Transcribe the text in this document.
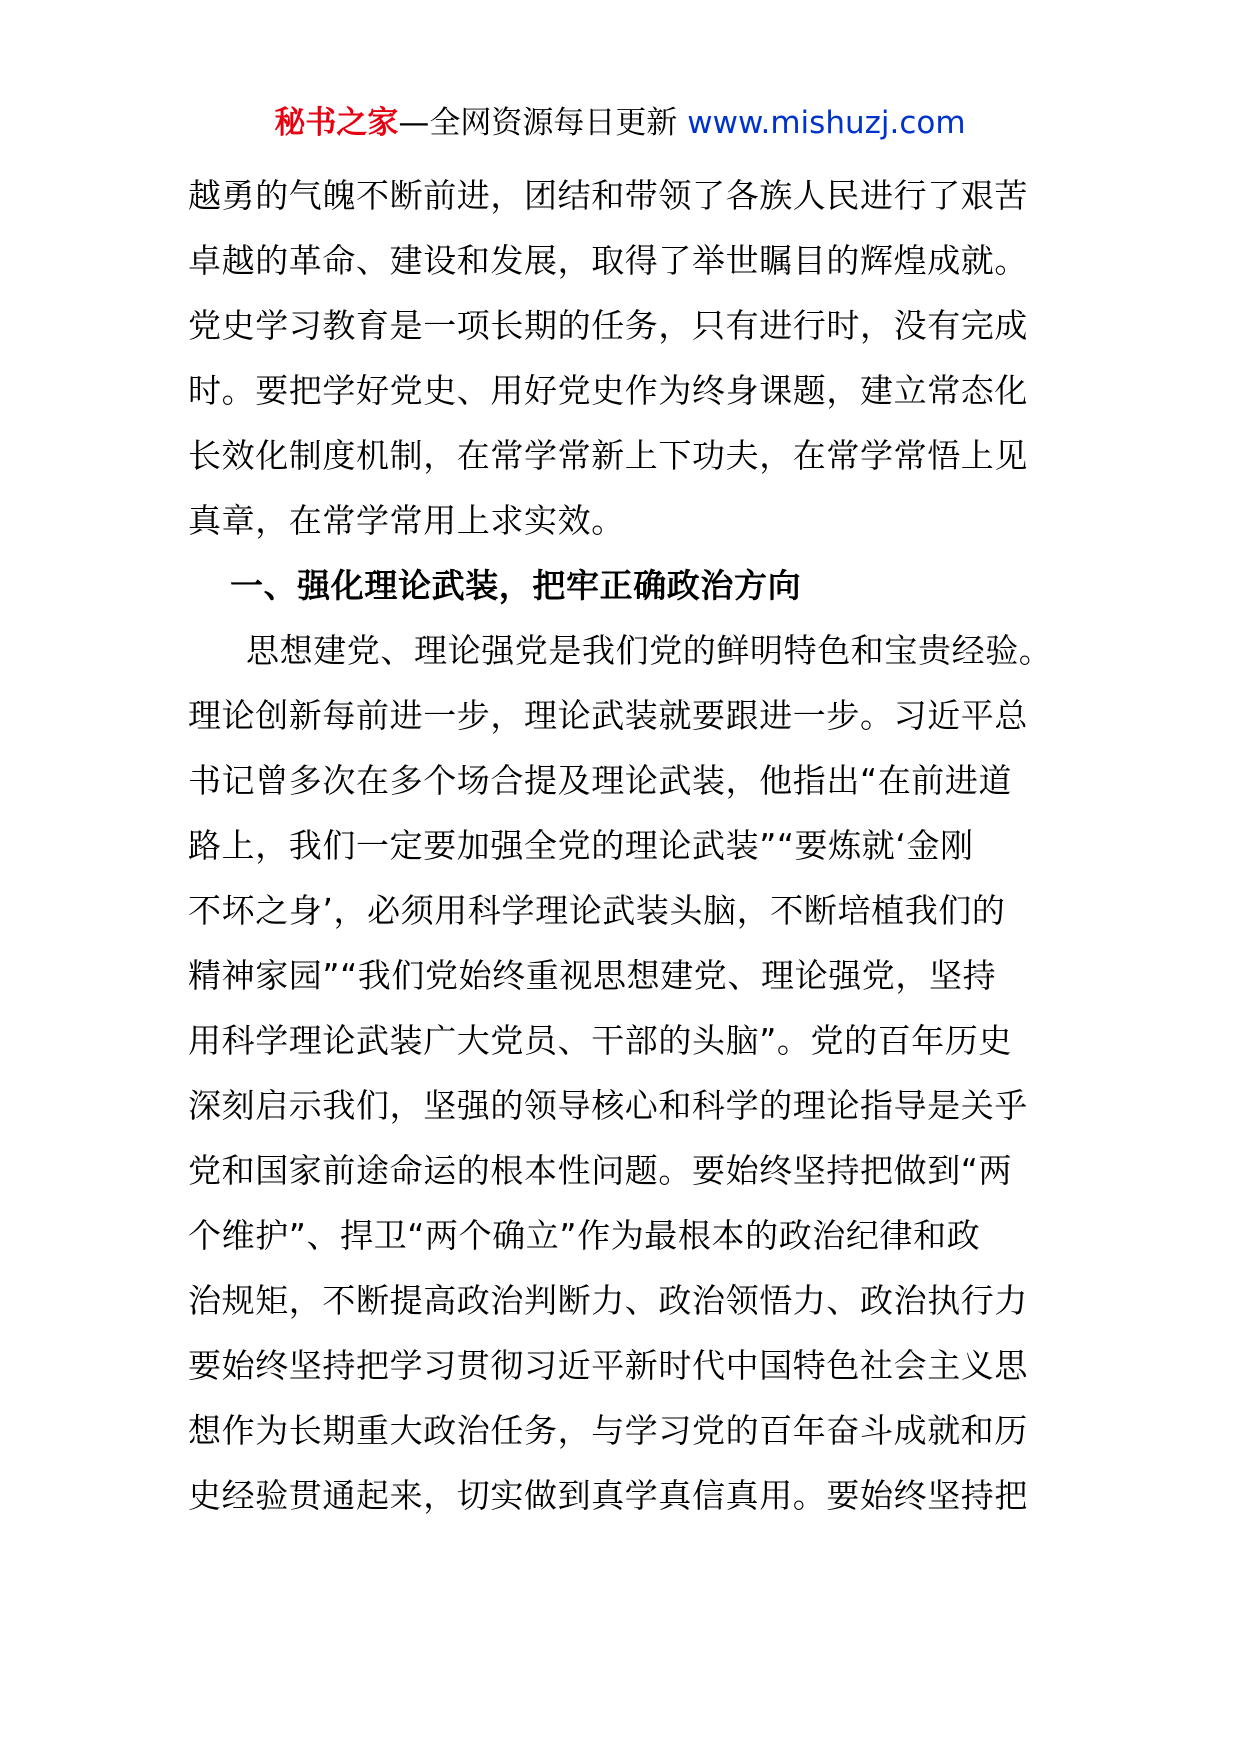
秘书之家—全网资源每日更新 www.mishuzj.com
越勇的气魄不断前进，团结和带领了各族人民进行了艰苦
卓越的革命、建设和发展，取得了举世瞩目的辉煌成就。
党史学习教育是一项长期的任务，只有进行时，没有完成
时。要把学好党史、用好党史作为终身课题，建立常态化
长效化制度机制，在常学常新上下功夫，在常学常悟上见
真章，在常学常用上求实效。
一、强化理论武装，把牢正确政治方向
思想建党、理论强党是我们党的鲜明特色和宝贵经验。
理论创新每前进一步，理论武装就要跟进一步。习近平总
书记曾多次在多个场合提及理论武装，他指出“在前进道
路上，我们一定要加强全党的理论武装”“要炼就‘金刚
不坏之身’，必须用科学理论武装头脑，不断培植我们的
精神家园”“我们党始终重视思想建党、理论强党，坚持
用科学理论武装广大党员、干部的头脑”。党的百年历史
深刻启示我们，坚强的领导核心和科学的理论指导是关乎
党和国家前途命运的根本性问题。要始终坚持把做到“两
个维护”、捍卫“两个确立”作为最根本的政治纪律和政
治规矩，不断提高政治判断力、政治领悟力、政治执行力
要始终坚持把学习贯彻习近平新时代中国特色社会主义思
想作为长期重大政治任务，与学习党的百年奋斗成就和历
史经验贯通起来，切实做到真学真信真用。要始终坚持把
